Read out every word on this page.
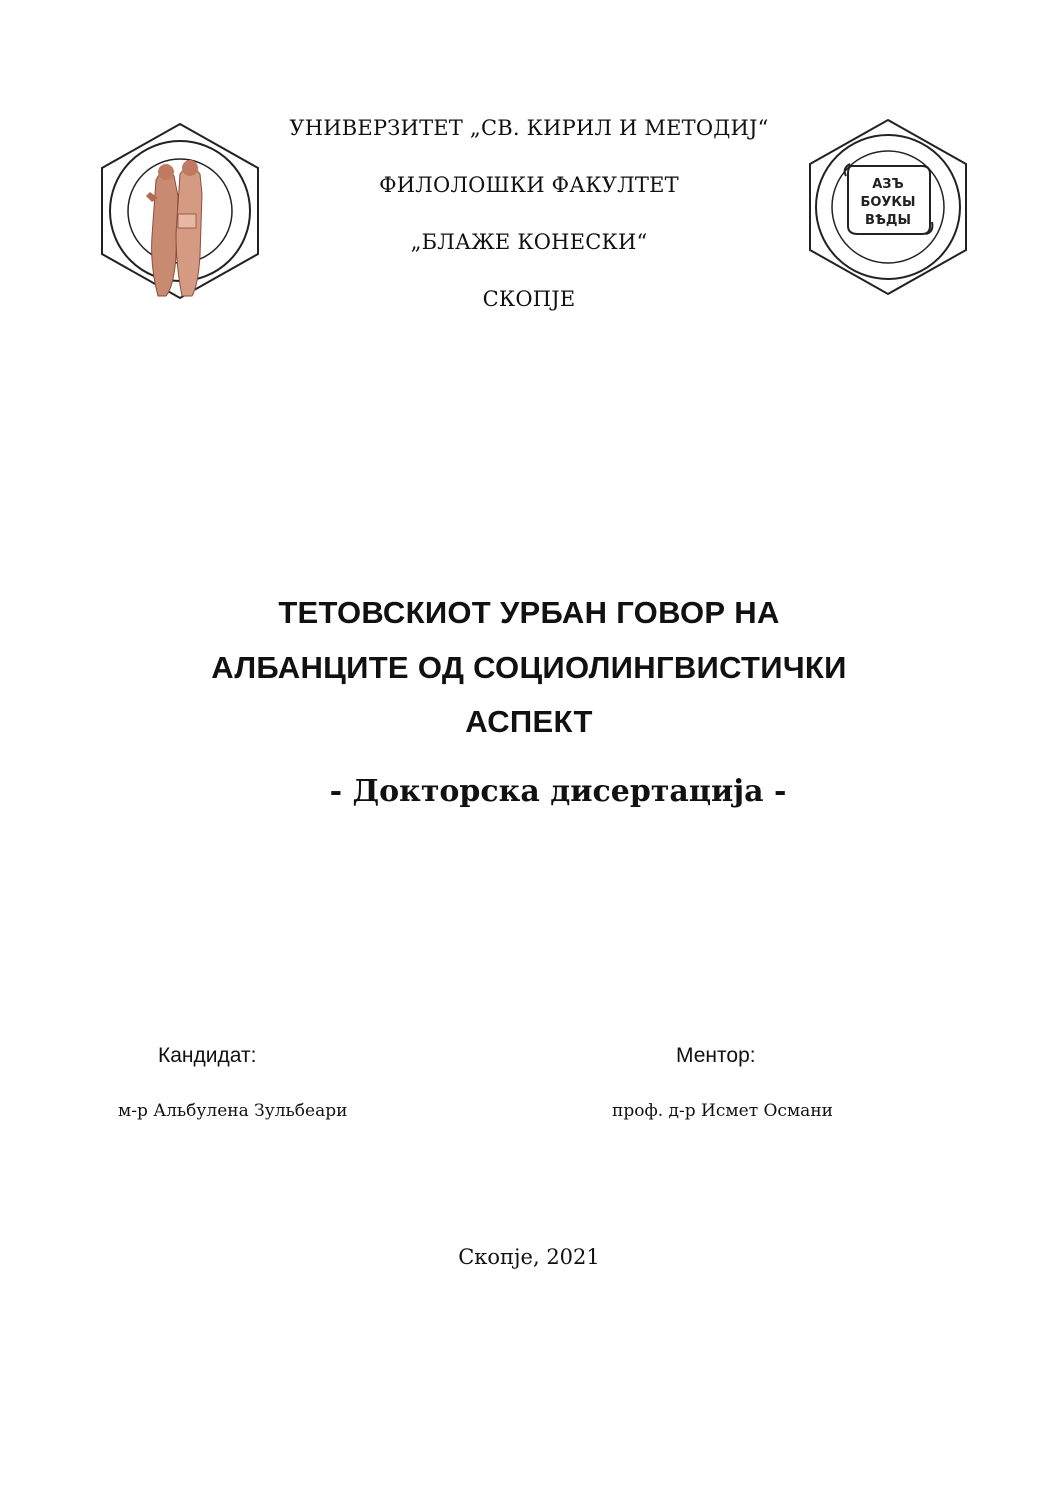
АЗЪ
БОУКЫ
ВѢДЫ
УНИВЕРЗИТЕТ „СВ. КИРИЛ И МЕТОДИЈ“
ФИЛОЛОШКИ ФАКУЛТЕТ
„БЛАЖЕ КОНЕСКИ“
СКОПЈЕ
ТЕТОВСКИОТ УРБАН ГОВОР НА
АЛБАНЦИТЕ ОД СОЦИОЛИНГВИСТИЧКИ
АСПЕКТ
- Докторска дисертација -
Кандидат:	Ментор:
м-р Альбулена Зульбеари	проф. д-р Исмет Османи
Скопје, 2021
